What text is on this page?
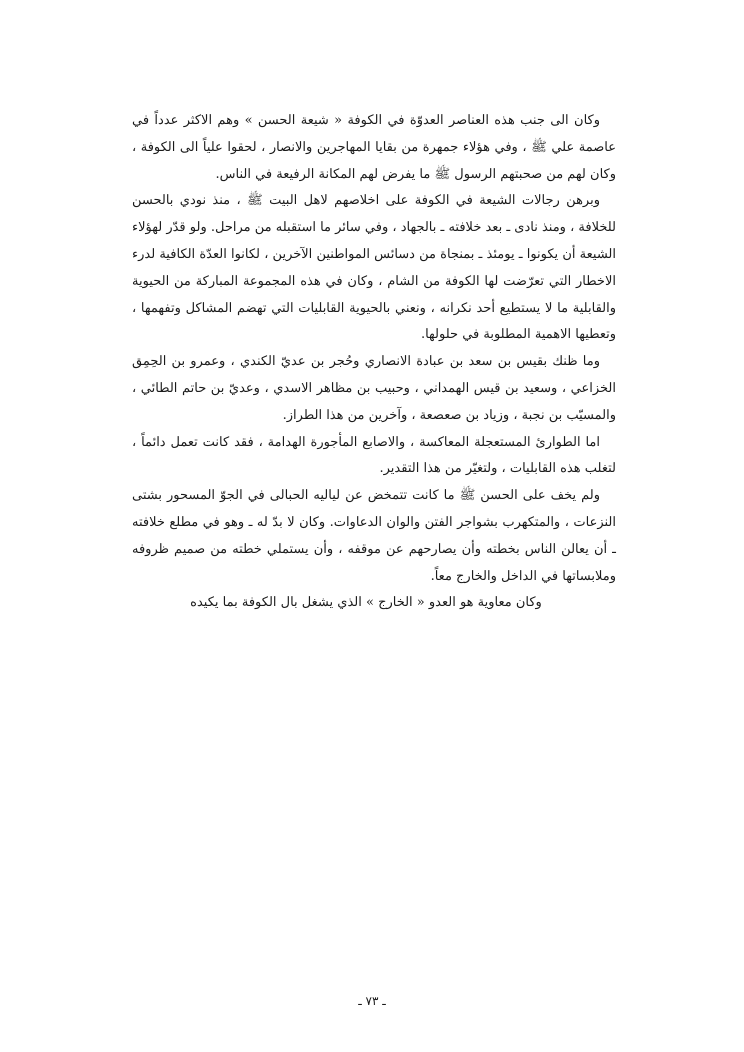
وكان الى جنب هذه العناصر العدوّة في الكوفة « شيعة الحسن » وهم الاكثر عدداً في عاصمة علي ﷺ ، وفي هؤلاء جمهرة من بقايا المهاجرين والانصار ، لحقوا علياً الى الكوفة ، وكان لهم من صحبتهم الرسول ﷺ ما يفرض لهم المكانة الرفيعة في الناس.

وبرهن رجالات الشيعة في الكوفة على اخلاصهم لاهل البيت ﷺ ، منذ نودي بالحسن للخلافة ، ومنذ نادى ـ بعد خلافته ـ بالجهاد ، وفي سائر ما استقبله من مراحل. ولو قدّر لهؤلاء الشيعة أن يكونوا ـ يومئذ ـ بمنجاة من دسائس المواطنين الآخرين ، لكانوا العدّة الكافية لدرء الاخطار التي تعرّضت لها الكوفة من الشام ، وكان في هذه المجموعة المباركة من الحيوية والقابلية ما لا يستطيع أحد نكرانه ، ونعني بالحيوية القابليات التي تهضم المشاكل وتفهمها ، وتعطيها الاهمية المطلوبة في حلولها.

وما ظنك بقيس بن سعد بن عبادة الانصاري وحُجر بن عديّ الكندي ، وعمرو بن الحِمِق الخزاعي ، وسعيد بن قيس الهمداني ، وحبيب بن مظاهر الاسدي ، وعديّ بن حاتم الطائي ، والمسيّب بن نجبة ، وزياد بن صعصعة ، وآخرين من هذا الطراز.

اما الطوارئ المستعجلة المعاكسة ، والاصابع المأجورة الهدامة ، فقد كانت تعمل دائماً ، لتغلب هذه القابليات ، ولتغيّر من هذا التقدير.

ولم يخف على الحسن ﷺ ما كانت تتمخض عن لياليه الحبالى في الجوّ المسحور بشتى النزعات ، والمتكهرب بشواجر الفتن والوان الدعاوات. وكان لا بدّ له ـ وهو في مطلع خلافته ـ أن يعالن الناس بخطته وأن يصارحهم عن موقفه ، وأن يستملي خطته من صميم ظروفه وملابساتها في الداخل والخارج معاً.

وكان معاوية هو العدو « الخارج » الذي يشغل بال الكوفة بما يكيده

ـ ٧٣ ـ
